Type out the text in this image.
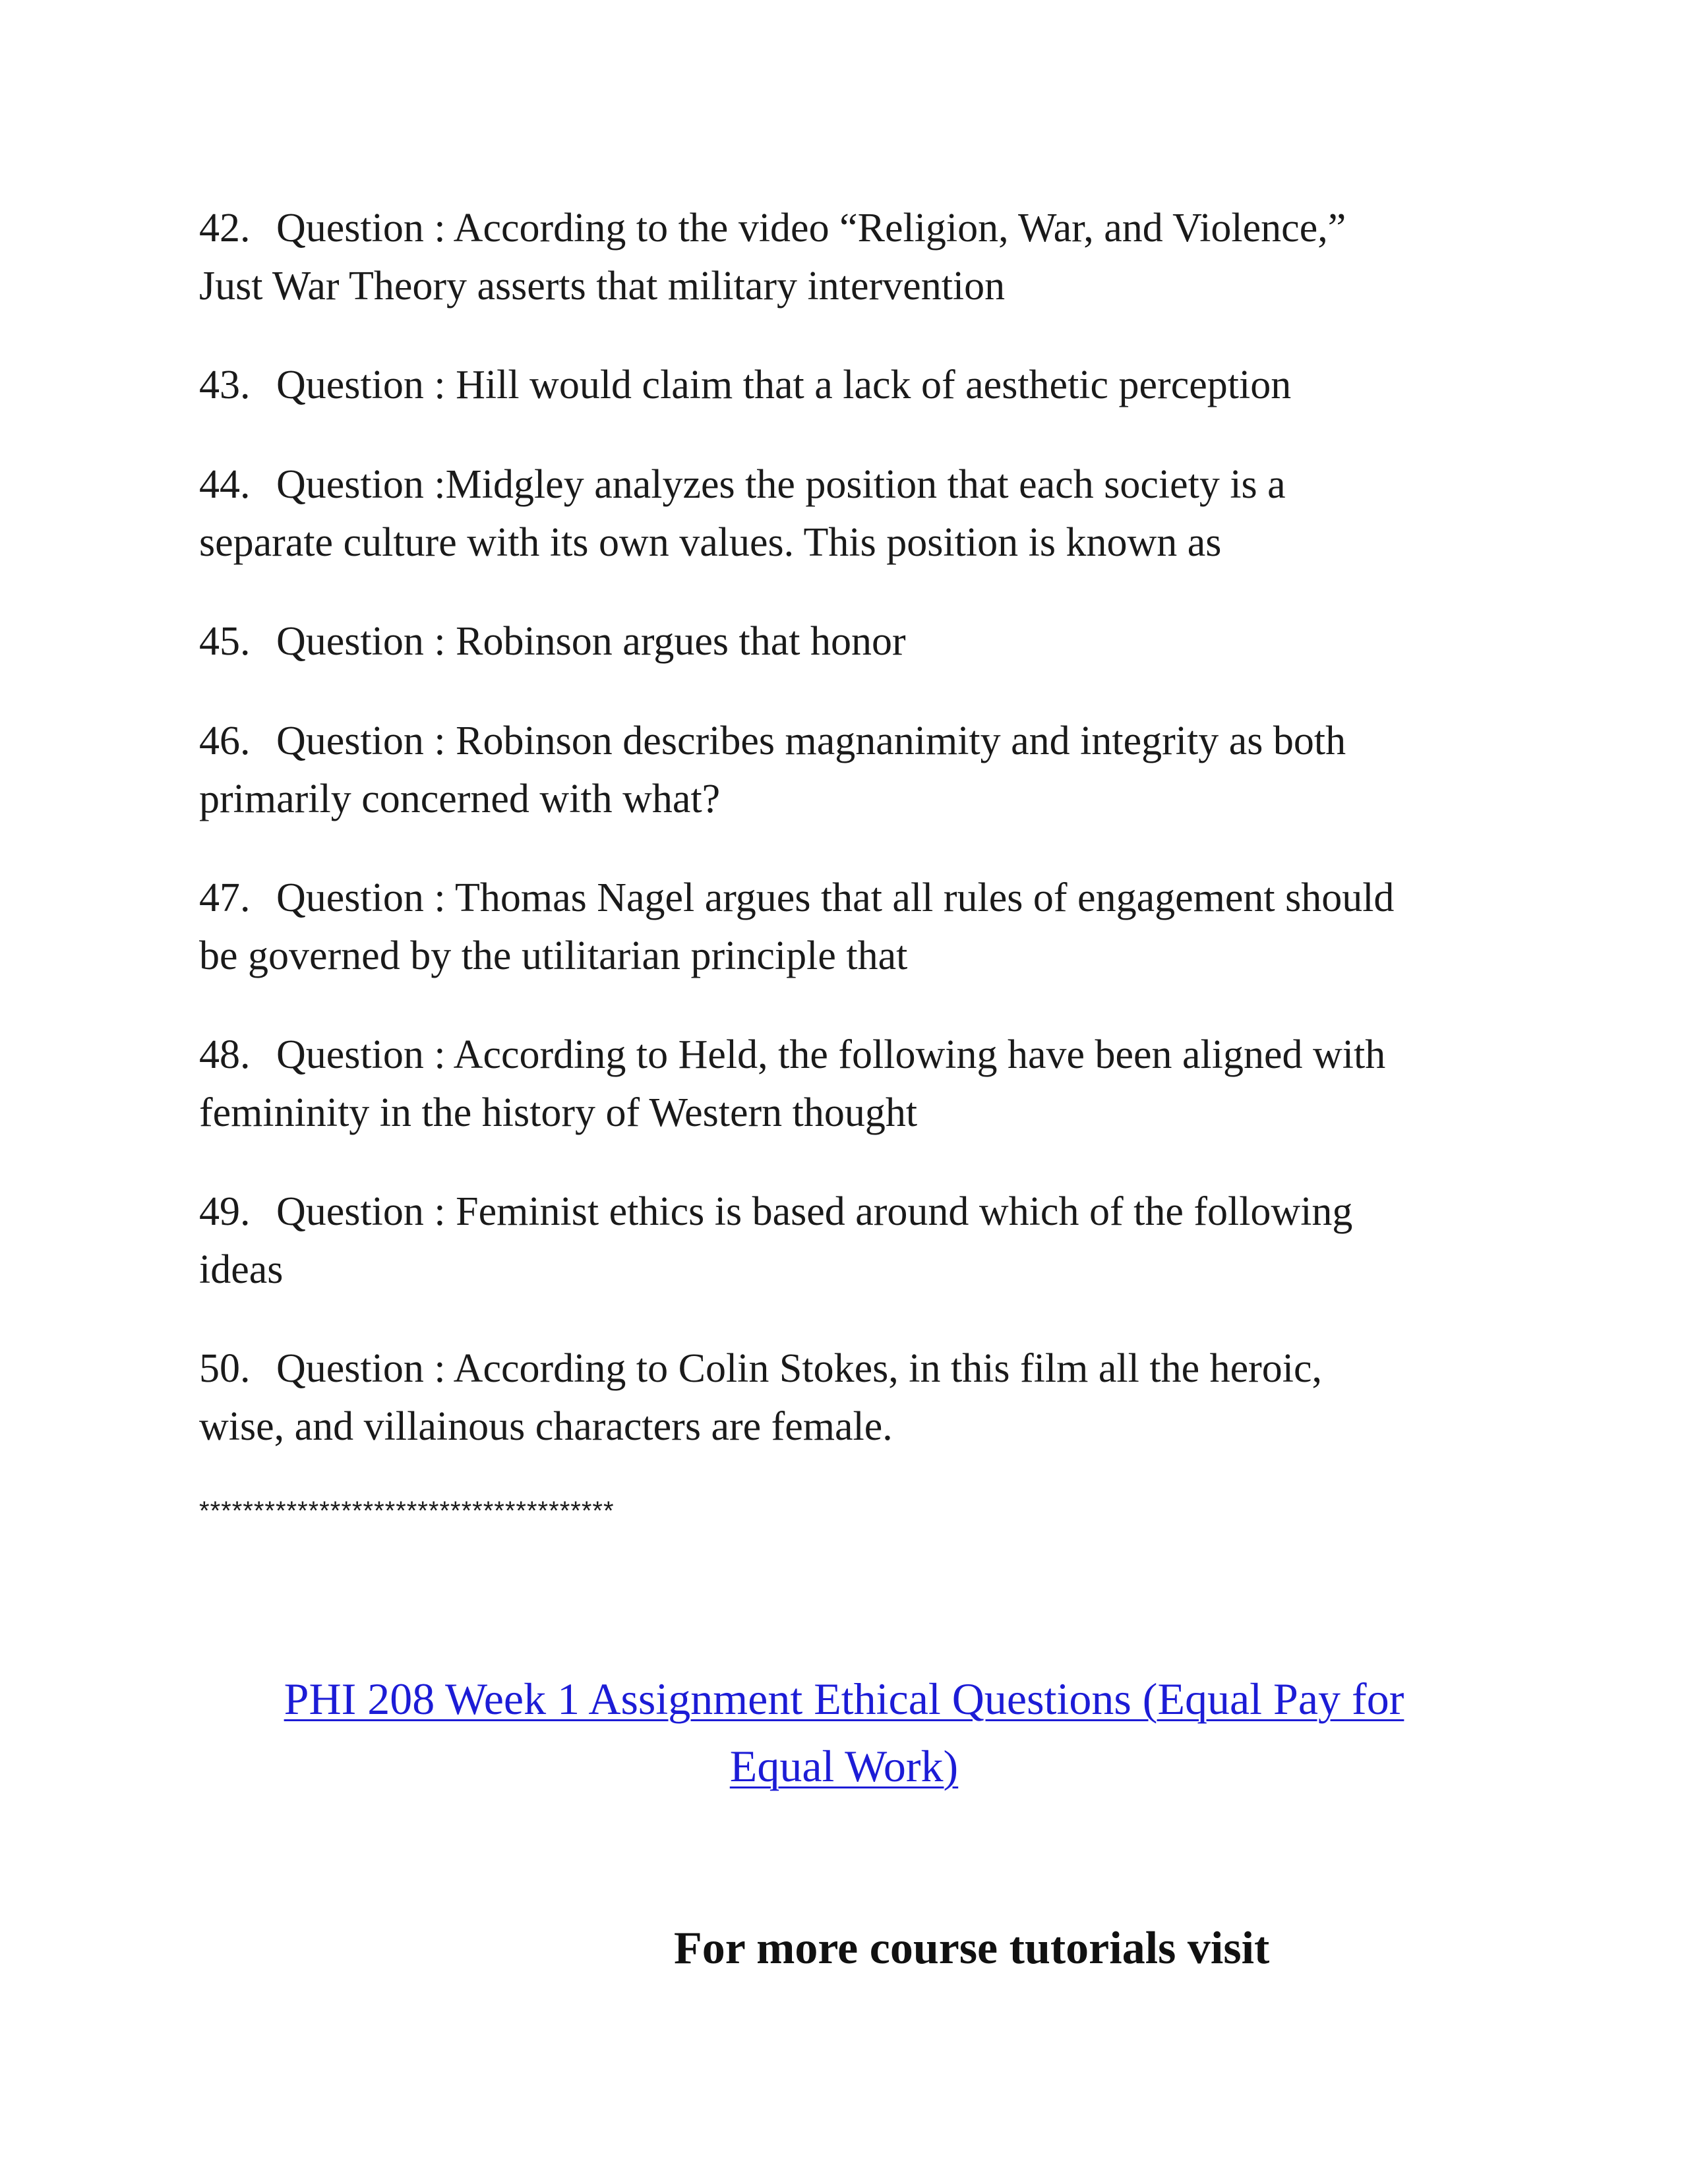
42. Question : According to the video “Religion, War, and Violence,”
Just War Theory asserts that military intervention

43. Question : Hill would claim that a lack of aesthetic perception

44. Question :Midgley analyzes the position that each society is a
separate culture with its own values. This position is known as

45. Question : Robinson argues that honor

46. Question : Robinson describes magnanimity and integrity as both
primarily concerned with what?

47. Question : Thomas Nagel argues that all rules of engagement should
be governed by the utilitarian principle that

48. Question : According to Held, the following have been aligned with
femininity in the history of Western thought

49. Question : Feminist ethics is based around which of the following
ideas

50. Question : According to Colin Stokes, in this film all the heroic,
wise, and villainous characters are female.

**************************************

PHI 208 Week 1 Assignment Ethical Questions (Equal Pay for
Equal Work)

For more course tutorials visit
